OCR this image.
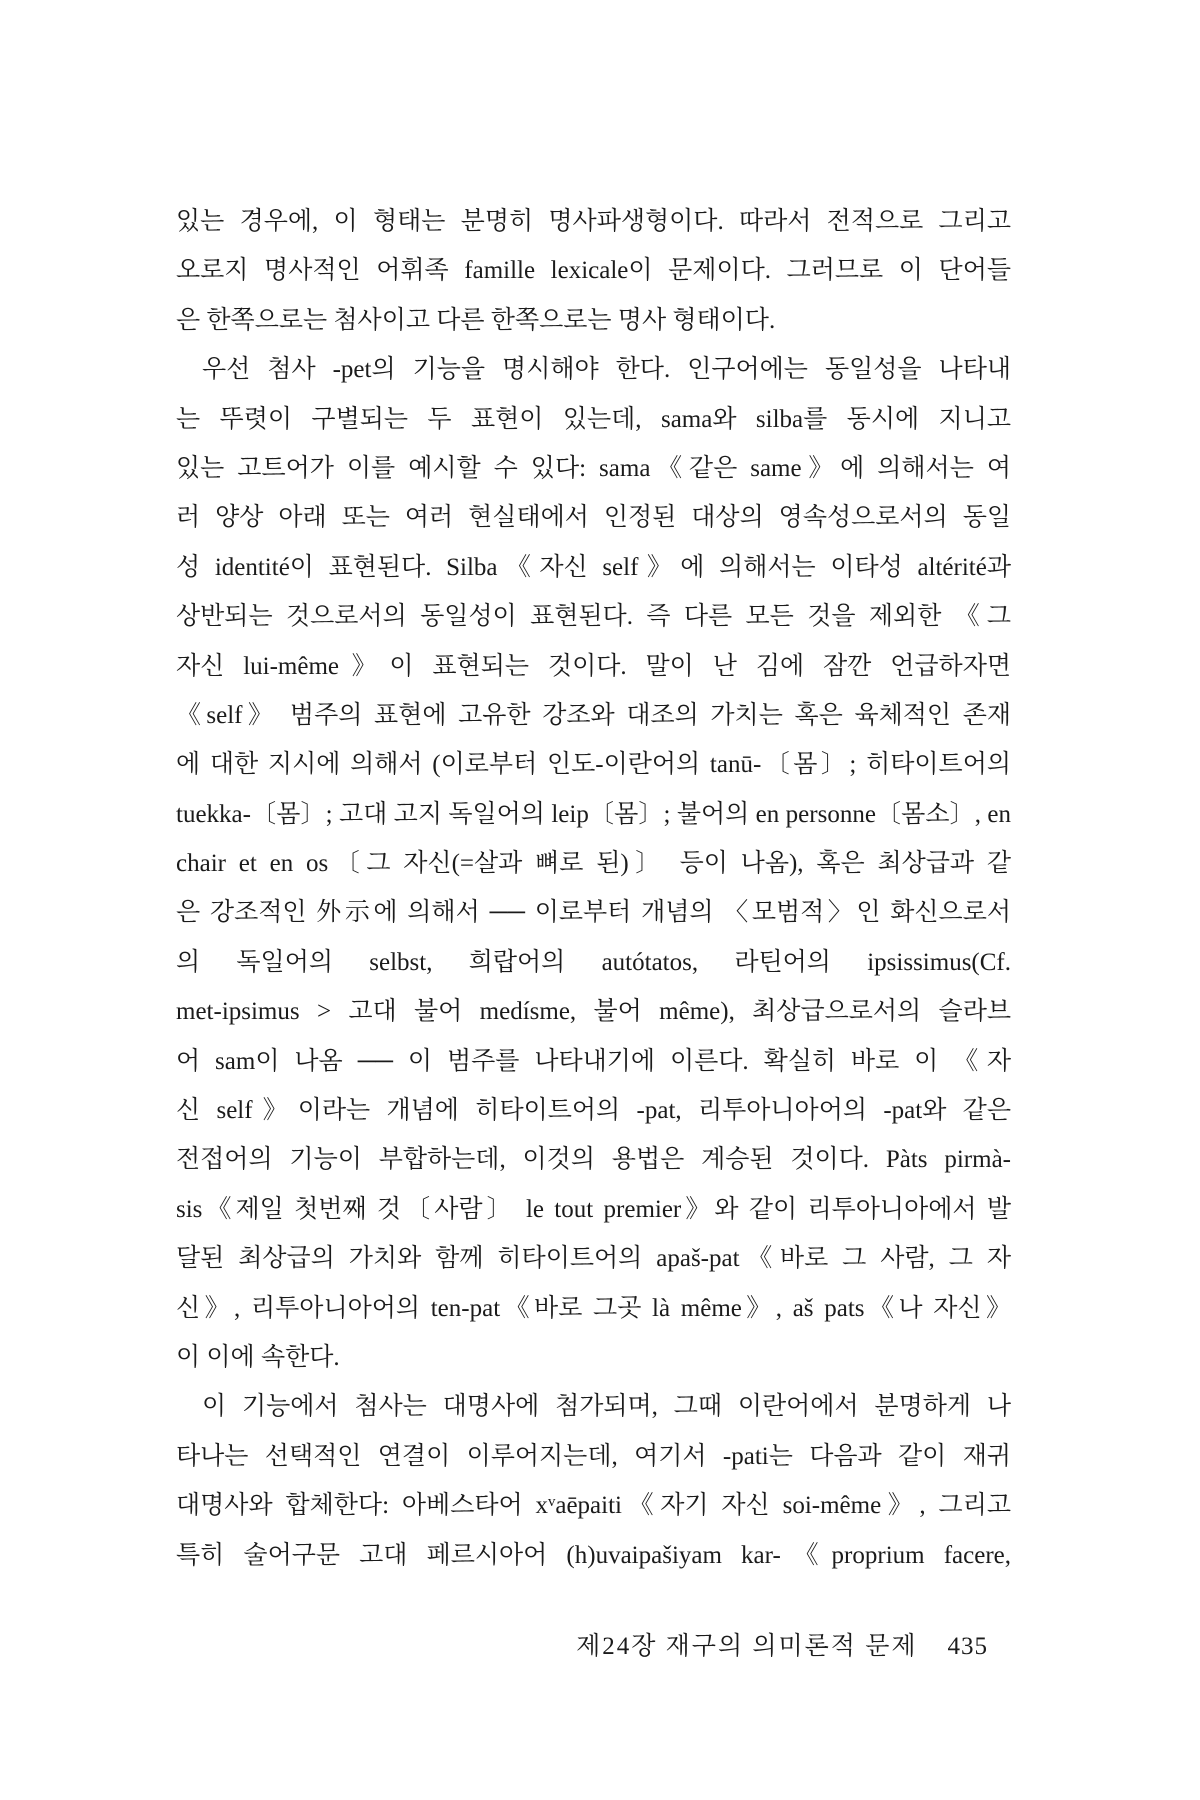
있는 경우에, 이 형태는 분명히 명사파생형이다. 따라서 전적으로 그리고
오로지 명사적인 어휘족 famille lexicale이 문제이다. 그러므로 이 단어들
은 한쪽으로는 첨사이고 다른 한쪽으로는 명사 형태이다.
우선 첨사 -pet의 기능을 명시해야 한다. 인구어에는 동일성을 나타내
는 뚜렷이 구별되는 두 표현이 있는데, sama와 silba를 동시에 지니고
있는 고트어가 이를 예시할 수 있다: sama《같은 same》에 의해서는 여
러 양상 아래 또는 여러 현실태에서 인정된 대상의 영속성으로서의 동일
성 identité이 표현된다. Silba《자신 self》에 의해서는 이타성 altérité과
상반되는 것으로서의 동일성이 표현된다. 즉 다른 모든 것을 제외한 《그
자신 lui-même》이 표현되는 것이다. 말이 난 김에 잠깐 언급하자면
《self》 범주의 표현에 고유한 강조와 대조의 가치는 혹은 육체적인 존재
에 대한 지시에 의해서 (이로부터 인도-이란어의 tanū-〔몸〕; 히타이트어의
tuekka-〔몸〕; 고대 고지 독일어의 leip〔몸〕; 불어의 en personne〔몸소〕, en
chair et en os〔그 자신(=살과 뼈로 된)〕 등이 나옴), 혹은 최상급과 같
은 강조적인 外示에 의해서 ── 이로부터 개념의 〈모범적〉인 화신으로서
의 독일어의 selbst, 희랍어의 autótatos, 라틴어의 ipsissimus(Cf.
met-ipsimus > 고대 불어 medísme, 불어 même), 최상급으로서의 슬라브
어 sam이 나옴 ── 이 범주를 나타내기에 이른다. 확실히 바로 이 《자
신 self》이라는 개념에 히타이트어의 -pat, 리투아니아어의 -pat와 같은
전접어의 기능이 부합하는데, 이것의 용법은 계승된 것이다. Pàts pirmà-
sis《제일 첫번째 것〔사람〕 le tout premier》와 같이 리투아니아에서 발
달된 최상급의 가치와 함께 히타이트어의 apaš-pat《바로 그 사람, 그 자
신》, 리투아니아어의 ten-pat《바로 그곳 là même》, aš pats《나 자신》
이 이에 속한다.
이 기능에서 첨사는 대명사에 첨가되며, 그때 이란어에서 분명하게 나
타나는 선택적인 연결이 이루어지는데, 여기서 -pati는 다음과 같이 재귀
대명사와 합체한다: 아베스타어 xᵛaēpaiti《자기 자신 soi-même》, 그리고
특히 술어구문 고대 페르시아어 (h)uvaipašiyam kar-《proprium facere,
제24장 재구의 의미론적 문제 435
